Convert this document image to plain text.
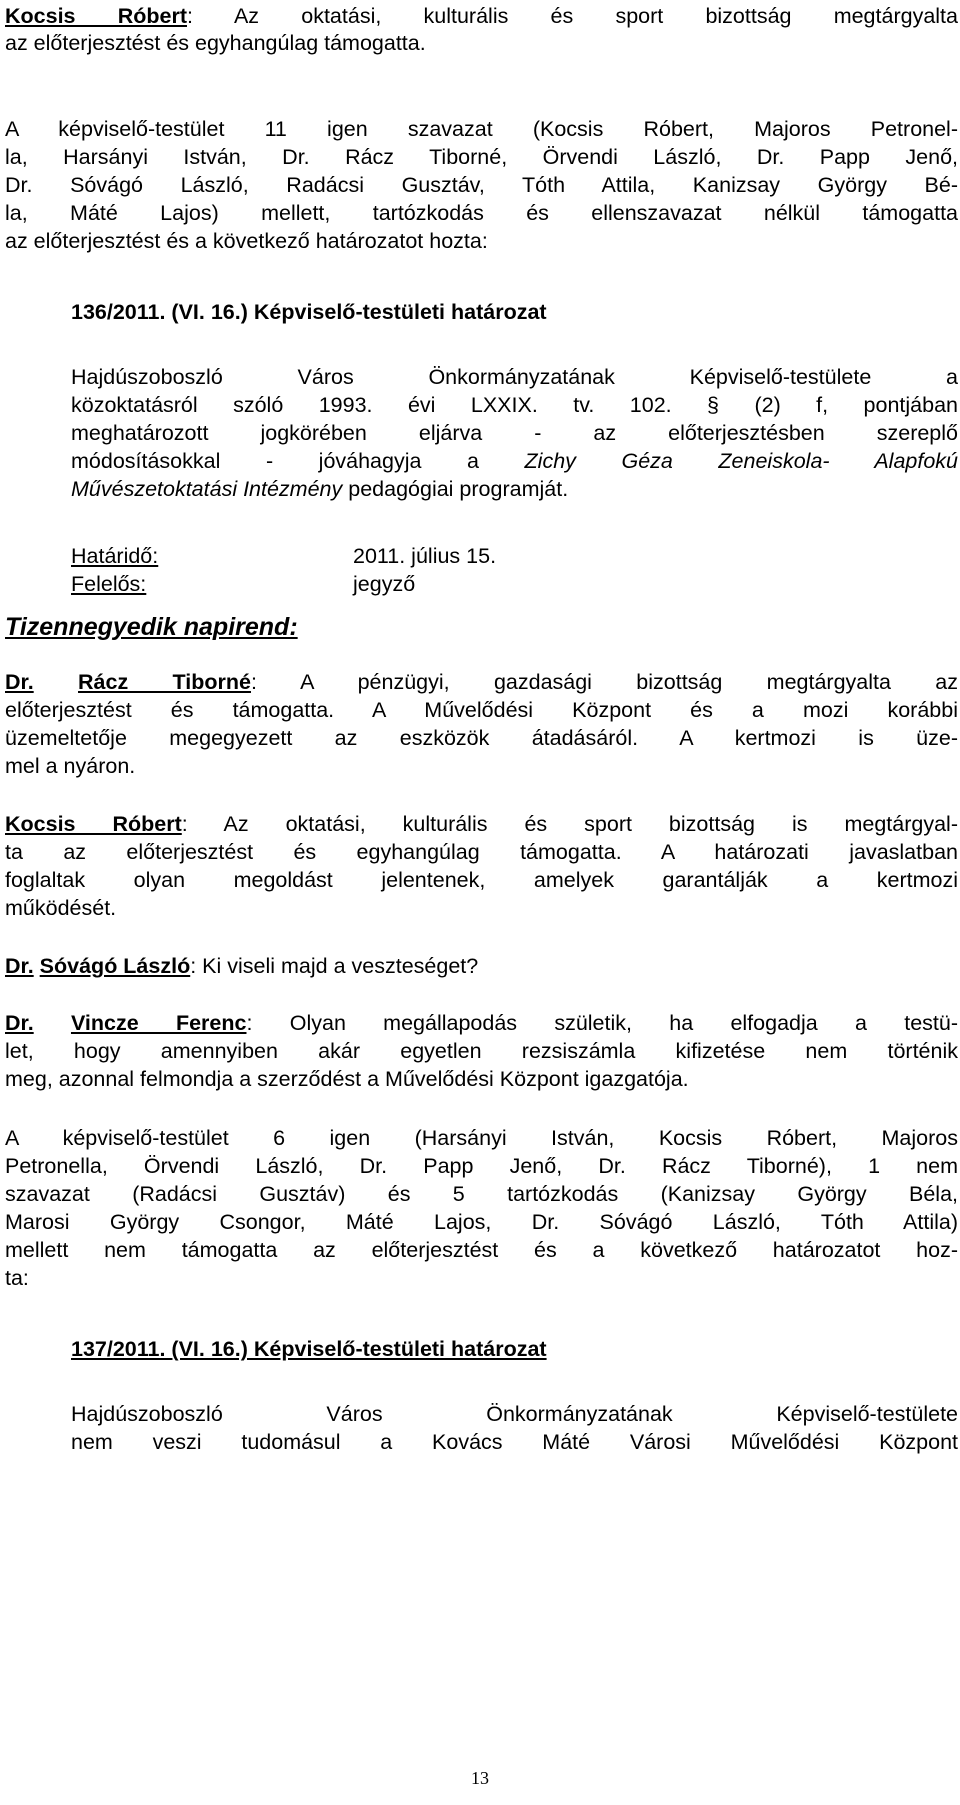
Kocsis Róbert: Az oktatási, kulturális és sport bizottság megtárgyalta
az előterjesztést és egyhangúlag támogatta.
A képviselő-testület 11 igen szavazat (Kocsis Róbert, Majoros Petronel-
la, Harsányi István, Dr. Rácz Tiborné, Örvendi László, Dr. Papp Jenő,
Dr. Sóvágó László, Radácsi Gusztáv, Tóth Attila, Kanizsay György Bé-
la, Máté Lajos) mellett, tartózkodás és ellenszavazat nélkül támogatta
az előterjesztést és a következő határozatot hozta:
136/2011. (VI. 16.) Képviselő-testületi határozat
Hajdúszoboszló Város Önkormányzatának Képviselő-testülete a
közoktatásról szóló 1993. évi LXXIX. tv. 102. § (2) f, pontjában
meghatározott jogkörében eljárva - az előterjesztésben szereplő
módosításokkal - jóváhagyja a Zichy Géza Zeneiskola- Alapfokú
Művészetoktatási Intézmény pedagógiai programját.
Határidő:	2011. július 15.
Felelős:	jegyző
Tizennegyedik napirend:
Dr. Rácz Tiborné: A pénzügyi, gazdasági bizottság megtárgyalta az
előterjesztést és támogatta. A Művelődési Központ és a mozi korábbi
üzemeltetője megegyezett az eszközök átadásáról. A kertmozi is üze-
mel a nyáron.
Kocsis Róbert: Az oktatási, kulturális és sport bizottság is megtárgyal-
ta az előterjesztést és egyhangúlag támogatta. A határozati javaslatban
foglaltak olyan megoldást jelentenek, amelyek garantálják a kertmozi
működését.
Dr. Sóvágó László: Ki viseli majd a veszteséget?
Dr. Vincze Ferenc: Olyan megállapodás születik, ha elfogadja a testü-
let, hogy amennyiben akár egyetlen rezsiszámla kifizetése nem történik
meg, azonnal felmondja a szerződést a Művelődési Központ igazgatója.
A képviselő-testület 6 igen (Harsányi István, Kocsis Róbert, Majoros
Petronella, Örvendi László, Dr. Papp Jenő, Dr. Rácz Tiborné), 1 nem
szavazat (Radácsi Gusztáv) és 5 tartózkodás (Kanizsay György Béla,
Marosi György Csongor, Máté Lajos, Dr. Sóvágó László, Tóth Attila)
mellett nem támogatta az előterjesztést és a következő határozatot hoz-
ta:
137/2011. (VI. 16.) Képviselő-testületi határozat
Hajdúszoboszló Város Önkormányzatának Képviselő-testülete
nem veszi tudomásul a Kovács Máté Városi Művelődési Központ
13
